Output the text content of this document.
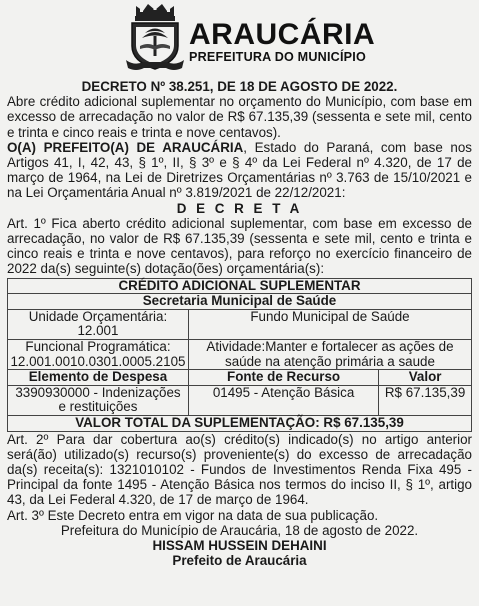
ARAUCÁRIA
PREFEITURA DO MUNICÍPIO

DECRETO Nº 38.251, DE 18 DE AGOSTO DE 2022.

Abre crédito adicional suplementar no orçamento do Município, com base em excesso de arrecadação no valor de R$ 67.135,39 (sessenta e sete mil, cento e trinta e cinco reais e trinta e nove centavos).

O(A) PREFEITO(A) DE ARAUCÁRIA, Estado do Paraná, com base nos Artigos 41, I, 42, 43, § 1º, II, § 3º e § 4º da Lei Federal nº 4.320, de 17 de março de 1964, na Lei de Diretrizes Orçamentárias nº 3.763 de 15/10/2021 e na Lei Orçamentária Anual nº 3.819/2021 de 22/12/2021:

D E C R E T A

Art. 1º Fica aberto crédito adicional suplementar, com base em excesso de arrecadação, no valor de R$ 67.135,39 (sessenta e sete mil, cento e trinta e cinco reais e trinta e nove centavos), para reforço no exercício financeiro de 2022 da(s) seguinte(s) dotação(ões) orçamentária(s):

CRÉDITO ADICIONAL SUPLEMENTAR		
Secretaria Municipal de Saúde		
Unidade Orçamentária: 12.001	Fundo Municipal de Saúde	

Funcional Programática:
12.001.0010.0301.0005.2105	Atividade:Manter e fortalecer as ações de saúde na atenção primária a saude	
Elemento de Despesa	Fonte de Recurso	Valor
3390930000 - Indenizações e restituições	01495 - Atenção Básica	R$ 67.135,39
VALOR TOTAL DA SUPLEMENTAÇÃO: R$ 67.135,39		

Art. 2º Para dar cobertura ao(s) crédito(s) indicado(s) no artigo anterior será(ão) utilizado(s) recurso(s) proveniente(s) do excesso de arrecadação da(s) receita(s): 1321010102 - Fundos de Investimentos Renda Fixa 495 - Principal da fonte 1495 - Atenção Básica nos termos do inciso II, § 1º, artigo 43, da Lei Federal 4.320, de 17 de março de 1964.

Art. 3º Este Decreto entra em vigor na data de sua publicação.

Prefeitura do Município de Araucária, 18 de agosto de 2022.

HISSAM HUSSEIN DEHAINI

Prefeito de Araucária
